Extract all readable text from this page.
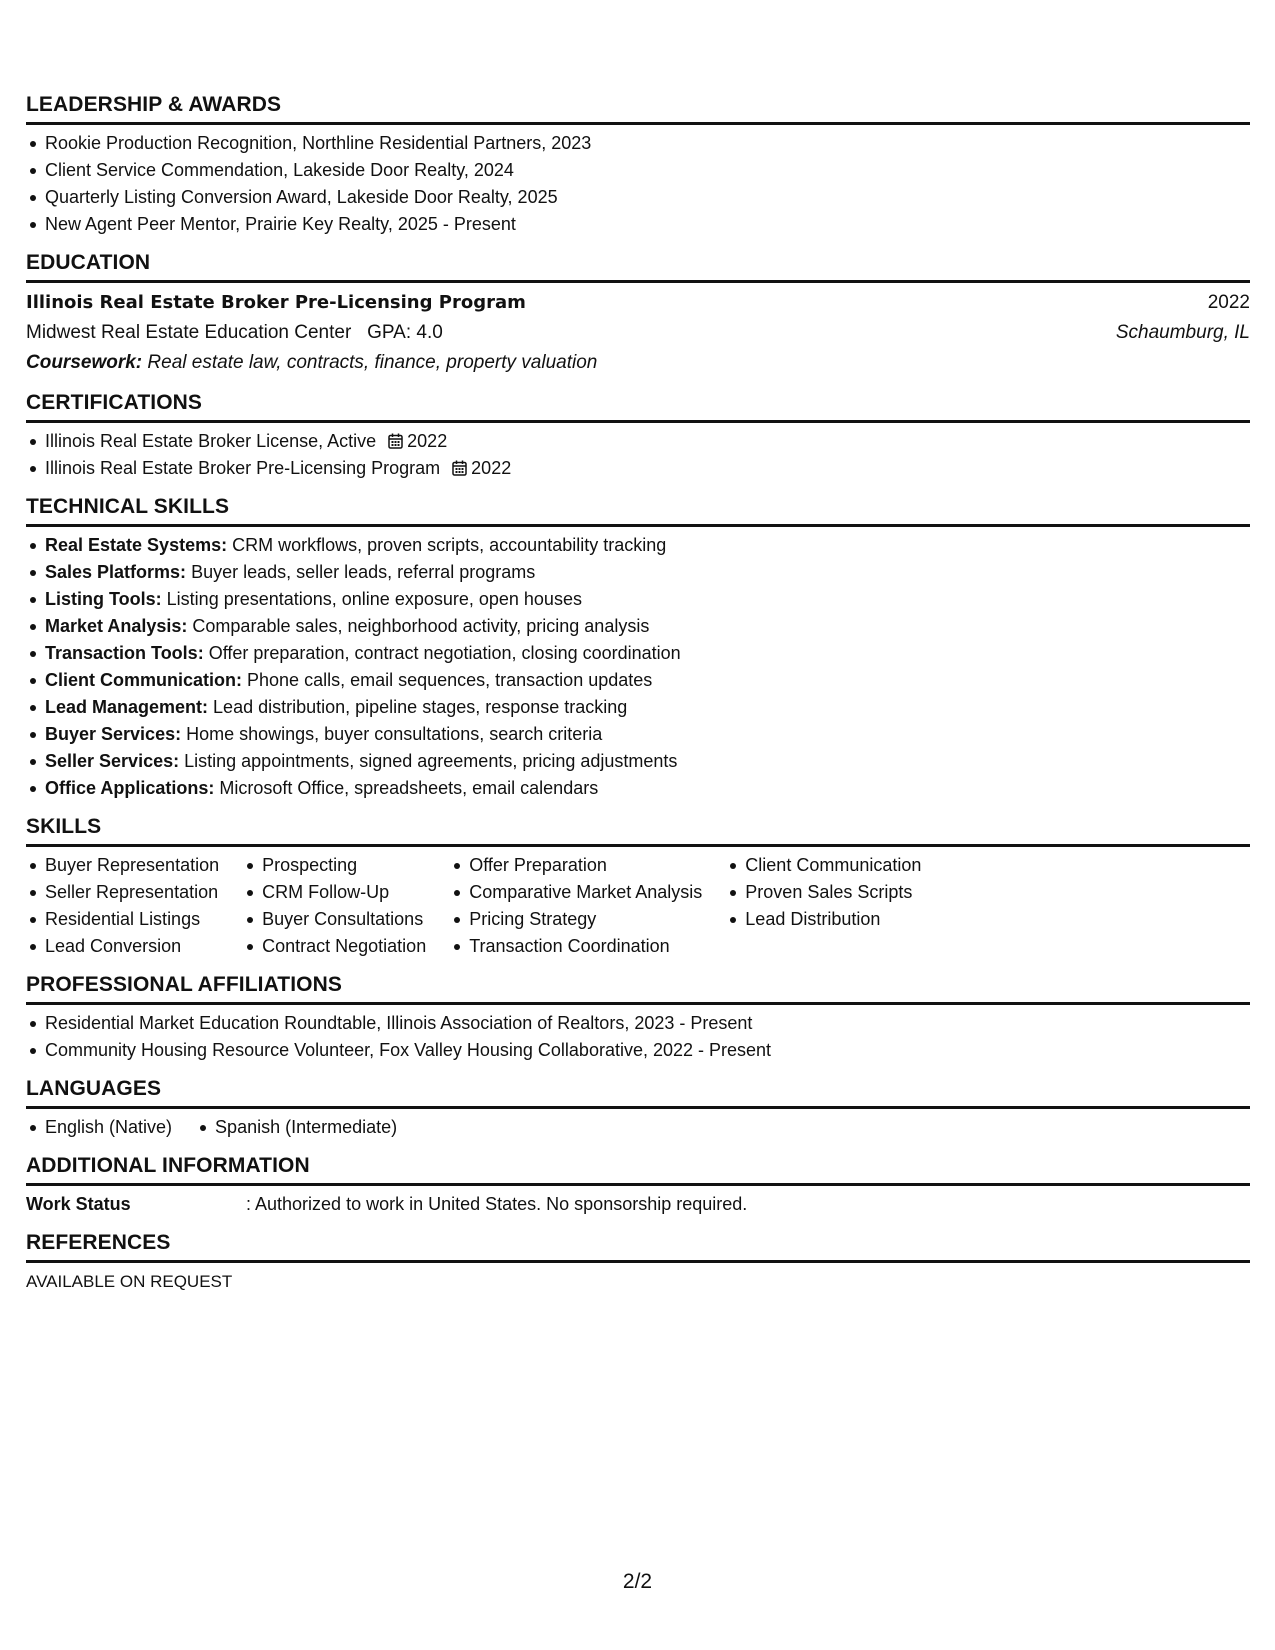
LEADERSHIP & AWARDS
Rookie Production Recognition, Northline Residential Partners, 2023
Client Service Commendation, Lakeside Door Realty, 2024
Quarterly Listing Conversion Award, Lakeside Door Realty, 2025
New Agent Peer Mentor, Prairie Key Realty, 2025 - Present
EDUCATION
Illinois Real Estate Broker Pre-Licensing Program	2022
Midwest Real Estate Education Center   GPA: 4.0	Schaumburg, IL
Coursework: Real estate law, contracts, finance, property valuation
CERTIFICATIONS
Illinois Real Estate Broker License, Active 2022
Illinois Real Estate Broker Pre-Licensing Program 2022
TECHNICAL SKILLS
Real Estate Systems: CRM workflows, proven scripts, accountability tracking
Sales Platforms: Buyer leads, seller leads, referral programs
Listing Tools: Listing presentations, online exposure, open houses
Market Analysis: Comparable sales, neighborhood activity, pricing analysis
Transaction Tools: Offer preparation, contract negotiation, closing coordination
Client Communication: Phone calls, email sequences, transaction updates
Lead Management: Lead distribution, pipeline stages, response tracking
Buyer Services: Home showings, buyer consultations, search criteria
Seller Services: Listing appointments, signed agreements, pricing adjustments
Office Applications: Microsoft Office, spreadsheets, email calendars
SKILLS
Buyer Representation
Seller Representation
Residential Listings
Lead Conversion
Prospecting
CRM Follow-Up
Buyer Consultations
Contract Negotiation
Offer Preparation
Comparative Market Analysis
Pricing Strategy
Transaction Coordination
Client Communication
Proven Sales Scripts
Lead Distribution
PROFESSIONAL AFFILIATIONS
Residential Market Education Roundtable, Illinois Association of Realtors, 2023 - Present
Community Housing Resource Volunteer, Fox Valley Housing Collaborative, 2022 - Present
LANGUAGES
English (Native)	Spanish (Intermediate)
ADDITIONAL INFORMATION
Work Status	: Authorized to work in United States. No sponsorship required.
REFERENCES
AVAILABLE ON REQUEST
2/2
